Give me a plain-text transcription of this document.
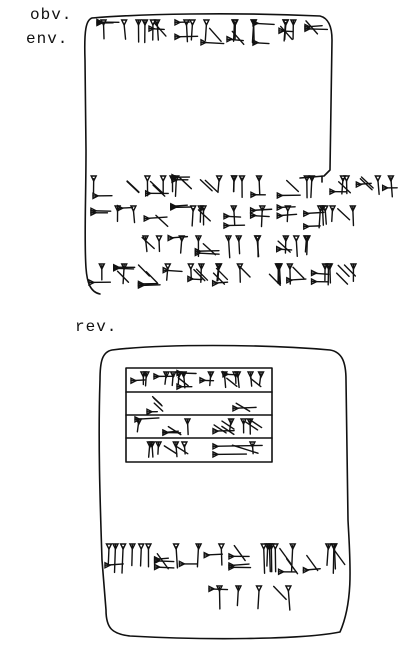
obv.
env.
rev.
